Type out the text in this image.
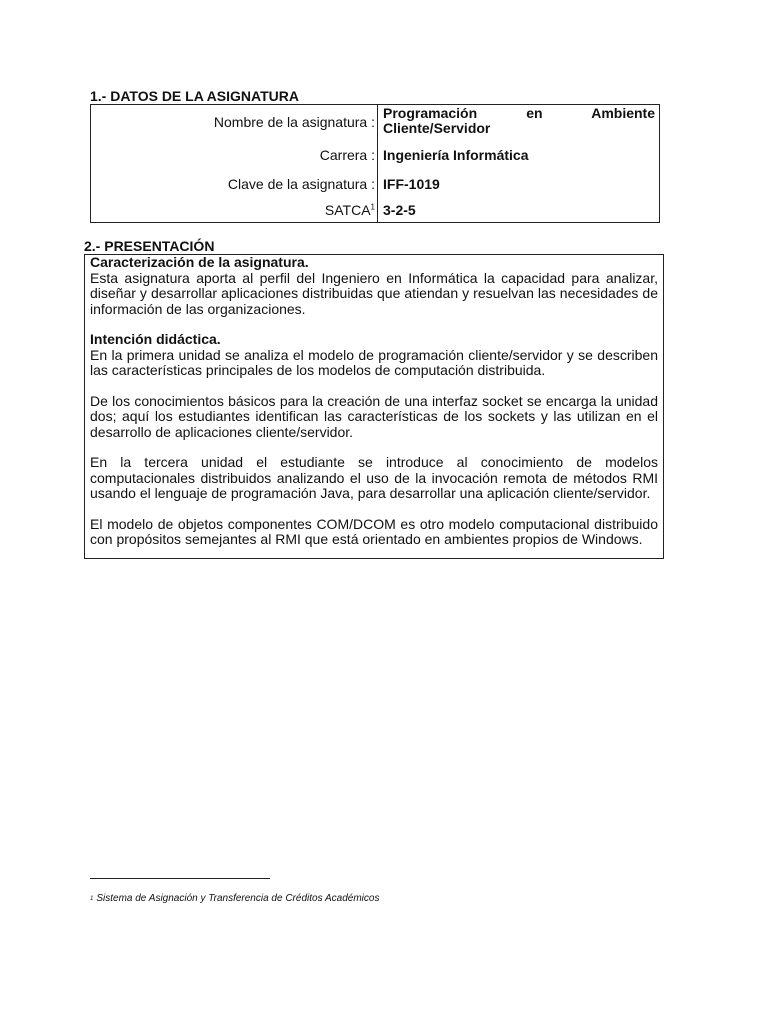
1.- DATOS DE LA ASIGNATURA
Nombre de la asignatura :	Programación en Ambiente
Cliente/Servidor

Carrera :	Ingeniería Informática
Clave de la asignatura :	IFF-1019
SATCA$^1$	3-2-5
2.- PRESENTACIÓN
Caracterización de la asignatura.

Esta asignatura aporta al perfil del Ingeniero en Informática la capacidad para analizar, diseñar y desarrollar aplicaciones distribuidas que atiendan y resuelvan las necesidades de información de las organizaciones.

Intención didáctica.

En la primera unidad se analiza el modelo de programación cliente/servidor y se describen las características principales de los modelos de computación distribuida.

De los conocimientos básicos para la creación de una interfaz socket se encarga la unidad dos; aquí los estudiantes identifican las características de los sockets y las utilizan en el desarrollo de aplicaciones cliente/servidor.

En la tercera unidad el estudiante se introduce al conocimiento de modelos computacionales distribuidos analizando el uso de la invocación remota de métodos RMI usando el lenguaje de programación Java, para desarrollar una aplicación cliente/servidor.

El modelo de objetos componentes COM/DCOM es otro modelo computacional distribuido con propósitos semejantes al RMI que está orientado en ambientes propios de Windows.

$^1$ Sistema de Asignación y Transferencia de Créditos Académicos
